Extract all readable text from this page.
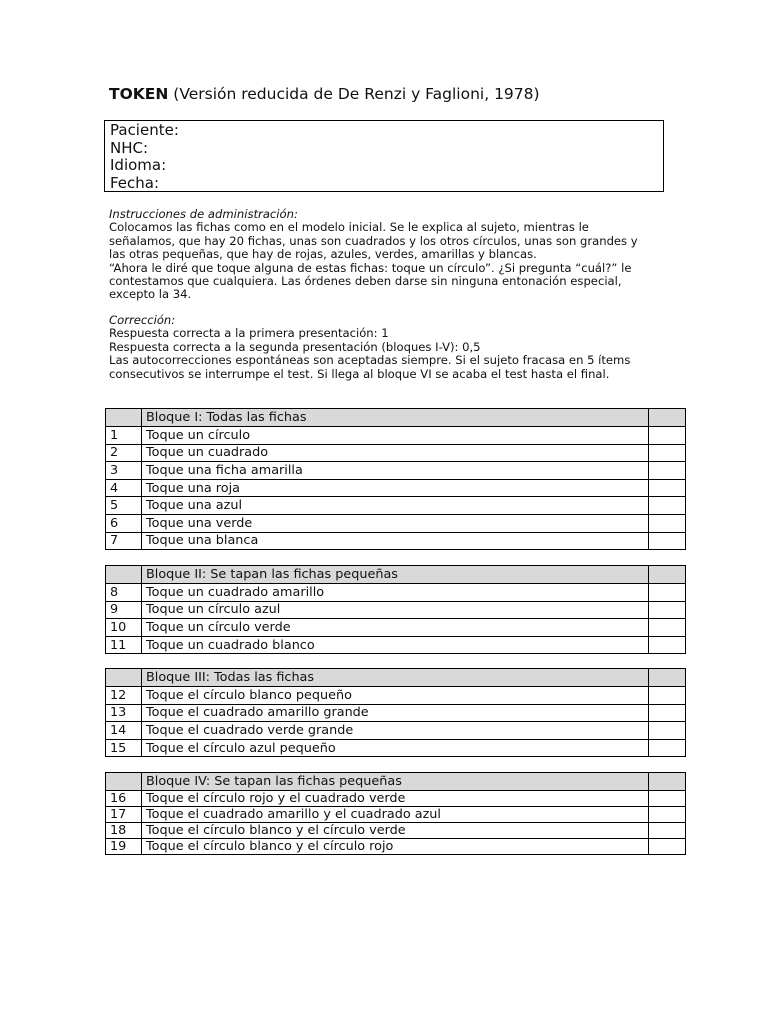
TOKEN (Versión reducida de De Renzi y Faglioni, 1978)
Paciente:
NHC:
Idioma:
Fecha:

Instrucciones de administración:

Colocamos las fichas como en el modelo inicial. Se le explica al sujeto, mientras le

señalamos, que hay 20 fichas, unas son cuadrados y los otros círculos, unas son grandes y

las otras pequeñas, que hay de rojas, azules, verdes, amarillas y blancas.

“Ahora le diré que toque alguna de estas fichas: toque un círculo”. ¿Si pregunta “cuál?” le

contestamos que cualquiera. Las órdenes deben darse sin ninguna entonación especial,

excepto la 34.

Corrección:

Respuesta correcta a la primera presentación: 1

Respuesta correcta a la segunda presentación (bloques I-V): 0,5

Las autocorrecciones espontáneas son aceptadas siempre. Si el sujeto fracasa en 5 ítems

consecutivos se interrumpe el test. Si llega al bloque VI se acaba el test hasta el final.

	Bloque I: Todas las fichas	
1	Toque un círculo	
2	Toque un cuadrado	
3	Toque una ficha amarilla	
4	Toque una roja	
5	Toque una azul	
6	Toque una verde	
7	Toque una blanca	
	Bloque II: Se tapan las fichas pequeñas	
8	Toque un cuadrado amarillo	
9	Toque un círculo azul	
10	Toque un círculo verde	
11	Toque un cuadrado blanco	
	Bloque III: Todas las fichas	
12	Toque el círculo blanco pequeño	
13	Toque el cuadrado amarillo grande	
14	Toque el cuadrado verde grande	
15	Toque el círculo azul pequeño	
	Bloque IV: Se tapan las fichas pequeñas	
16	Toque el círculo rojo y el cuadrado verde	
17	Toque el cuadrado amarillo y el cuadrado azul	
18	Toque el círculo blanco y el círculo verde	
19	Toque el círculo blanco y el círculo rojo	
